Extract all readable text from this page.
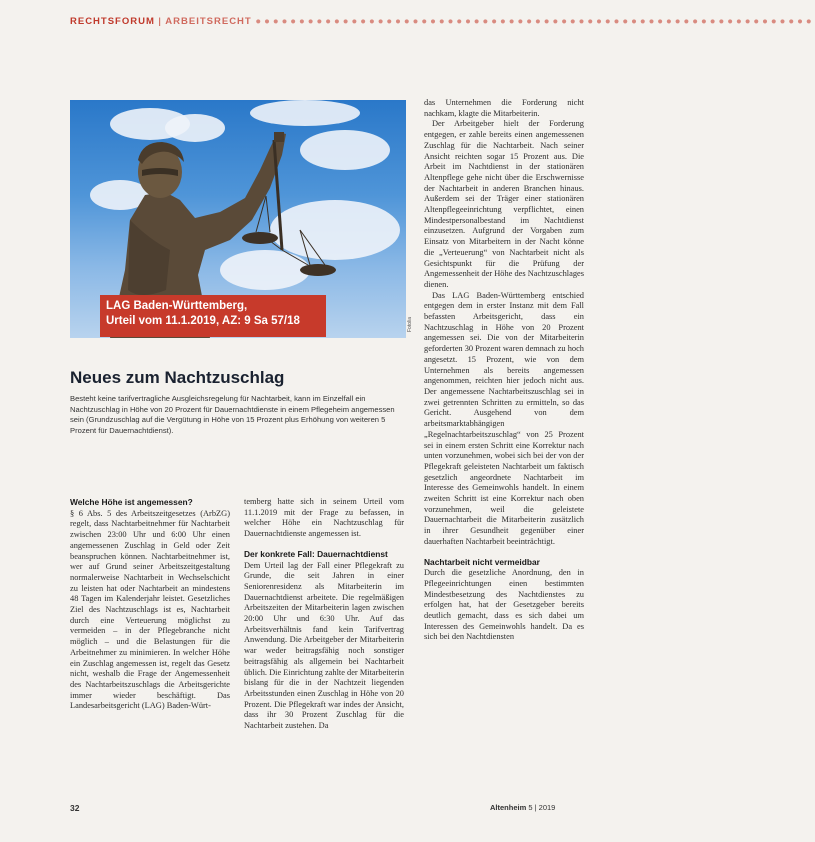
RECHTSFORUM | ARBEITSRECHT ●●●●●●●●●●●●●●●●●●●●●●●●●●●●●●●●●●●●●●●●●●●●●●●●●●●●●●●●●●●●●●●●
LAG Baden-Württemberg,
Urteil vom 11.1.2019, AZ: 9 Sa 57/18	Fotolia
Neues zum Nachtzuschlag
Besteht keine tarifvertragliche Ausgleichsregelung für Nachtarbeit, kann im Einzelfall ein Nachtzuschlag in Höhe von 20 Prozent für Dauernachtdienste in einem Pflegeheim angemessen sein (Grundzuschlag auf die Vergütung in Höhe von 15 Prozent plus Erhöhung von weiteren 5 Prozent für Dauernachtdienst).
Welche Höhe ist angemessen?

§ 6 Abs. 5 des Arbeitszeitgesetzes (ArbZG) regelt, dass Nachtarbeitnehmer für Nachtarbeit zwischen 23:00 Uhr und 6:00 Uhr einen angemessenen Zuschlag in Geld oder Zeit beanspruchen können. Nachtarbeitnehmer ist, wer auf Grund seiner Arbeitszeitgestaltung normalerweise Nachtarbeit in Wechselschicht zu leisten hat oder Nachtarbeit an mindestens 48 Tagen im Kalenderjahr leistet. Gesetzliches Ziel des Nachtzuschlags ist es, Nachtarbeit durch eine Verteuerung möglichst zu vermeiden – in der Pflegebranche nicht möglich – und die Belastungen für die Arbeitnehmer zu minimieren. In welcher Höhe ein Zuschlag angemessen ist, regelt das Gesetz nicht, weshalb die Frage der Angemessenheit des Nachtarbeitszuschlags die Arbeitsgerichte immer wieder beschäftigt. Das Landesarbeitsgericht (LAG) Baden-Würt-

temberg hatte sich in seinem Urteil vom 11.1.2019 mit der Frage zu befassen, in welcher Höhe ein Nachtzuschlag für Dauernachtdienste angemessen ist.

Der konkrete Fall: Dauernachtdienst

Dem Urteil lag der Fall einer Pflegekraft zu Grunde, die seit Jahren in einer Seniorenresidenz als Mitarbeiterin im Dauernachtdienst arbeitete. Die regelmäßigen Arbeitszeiten der Mitarbeiterin lagen zwischen 20:00 Uhr und 6:30 Uhr. Auf das Arbeitsverhältnis fand kein Tarifvertrag Anwendung. Die Arbeitgeber der Mitarbeiterin war weder beitragsfähig noch sonstiger beitragsfähig als allgemein bei Nachtarbeit üblich. Die Einrichtung zahlte der Mitarbeiterin bislang für die in der Nachtzeit liegenden Arbeitsstunden einen Zuschlag in Höhe von 20 Prozent. Die Pflegekraft war indes der Ansicht, dass ihr 30 Prozent Zuschlag für die Nachtarbeit zustehen. Da

das Unternehmen die Forderung nicht nachkam, klagte die Mitarbeiterin.

Der Arbeitgeber hielt der Forderung entgegen, er zahle bereits einen angemessenen Zuschlag für die Nachtarbeit. Nach seiner Ansicht reichten sogar 15 Prozent aus. Die Arbeit im Nachtdienst in der stationären Altenpflege gehe nicht über die Erschwernisse der Nachtarbeit in anderen Branchen hinaus. Außerdem sei der Träger einer stationären Altenpflegeeinrichtung verpflichtet, einen Mindestpersonalbestand im Nachtdienst einzusetzen. Aufgrund der Vorgaben zum Einsatz von Mitarbeitern in der Nacht könne die „Verteuerung“ von Nachtarbeit nicht als Gesichtspunkt für die Prüfung der Angemessenheit der Höhe des Nachtzuschlages dienen.

Das LAG Baden-Württemberg entschied entgegen dem in erster Instanz mit dem Fall befassten Arbeitsgericht, dass ein Nachtzuschlag in Höhe von 20 Prozent angemessen sei. Die von der Mitarbeiterin geforderten 30 Prozent waren demnach zu hoch angesetzt. 15 Prozent, wie von dem Unternehmen als bereits angemessen angenommen, reichten hier jedoch nicht aus. Der angemessene Nachtarbeitszuschlag sei in zwei getrennten Schritten zu ermitteln, so das Gericht. Ausgehend von dem arbeitsmarktabhängigen „Regelnachtarbeitszuschlag“ von 25 Prozent sei in einem ersten Schritt eine Korrektur nach unten vorzunehmen, wobei sich bei der von der Pflegekraft geleisteten Nachtarbeit um faktisch gesetzlich angeordnete Nachtarbeit im Interesse des Gemeinwohls handelt. In einem zweiten Schritt ist eine Korrektur nach oben vorzunehmen, weil die geleistete Dauernachtarbeit die Mitarbeiterin zusätzlich in ihrer Gesundheit gegenüber einer dauerhaften Nachtarbeit beeinträchtigt.

Nachtarbeit nicht vermeidbar

Durch die gesetzliche Anordnung, den in Pflegeeinrichtungen einen bestimmten Mindestbesetzung des Nachtdienstes zu erfolgen hat, hat der Gesetzgeber bereits deutlich gemacht, dass es sich dabei um Interessen des Gemeinwohls handelt. Da es sich bei den Nachtdiensten

32	Altenheim 5 | 2019
